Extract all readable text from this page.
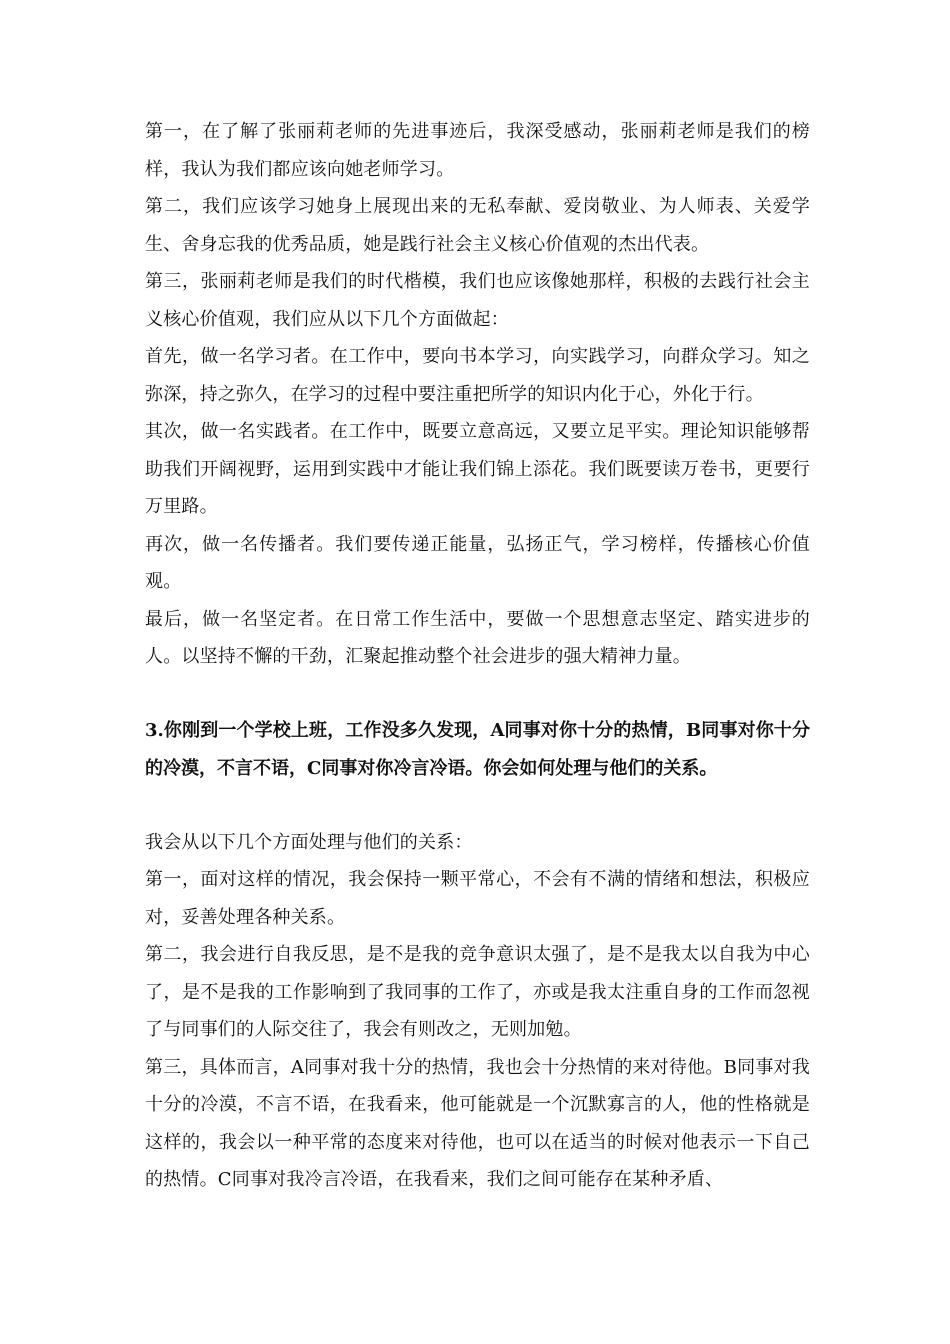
第一，在了解了张丽莉老师的先进事迹后，我深受感动，张丽莉老师是我们的榜样，我认为我们都应该向她老师学习。

第二，我们应该学习她身上展现出来的无私奉献、爱岗敬业、为人师表、关爱学生、舍身忘我的优秀品质，她是践行社会主义核心价值观的杰出代表。

第三，张丽莉老师是我们的时代楷模，我们也应该像她那样，积极的去践行社会主义核心价值观，我们应从以下几个方面做起：

首先，做一名学习者。在工作中，要向书本学习，向实践学习，向群众学习。知之弥深，持之弥久，在学习的过程中要注重把所学的知识内化于心，外化于行。

其次，做一名实践者。在工作中，既要立意高远，又要立足平实。理论知识能够帮助我们开阔视野，运用到实践中才能让我们锦上添花。我们既要读万卷书，更要行万里路。

再次，做一名传播者。我们要传递正能量，弘扬正气，学习榜样，传播核心价值观。

最后，做一名坚定者。在日常工作生活中，要做一个思想意志坚定、踏实进步的人。以坚持不懈的干劲，汇聚起推动整个社会进步的强大精神力量。

3.你刚到一个学校上班，工作没多久发现，A同事对你十分的热情，B同事对你十分的冷漠，不言不语，C同事对你冷言冷语。你会如何处理与他们的关系。

我会从以下几个方面处理与他们的关系：

第一，面对这样的情况，我会保持一颗平常心，不会有不满的情绪和想法，积极应对，妥善处理各种关系。

第二，我会进行自我反思，是不是我的竞争意识太强了，是不是我太以自我为中心了，是不是我的工作影响到了我同事的工作了，亦或是我太注重自身的工作而忽视了与同事们的人际交往了，我会有则改之，无则加勉。

第三，具体而言，A同事对我十分的热情，我也会十分热情的来对待他。B同事对我十分的冷漠，不言不语，在我看来，他可能就是一个沉默寡言的人，他的性格就是这样的，我会以一种平常的态度来对待他，也可以在适当的时候对他表示一下自己的热情。C同事对我冷言冷语，在我看来，我们之间可能存在某种矛盾、
